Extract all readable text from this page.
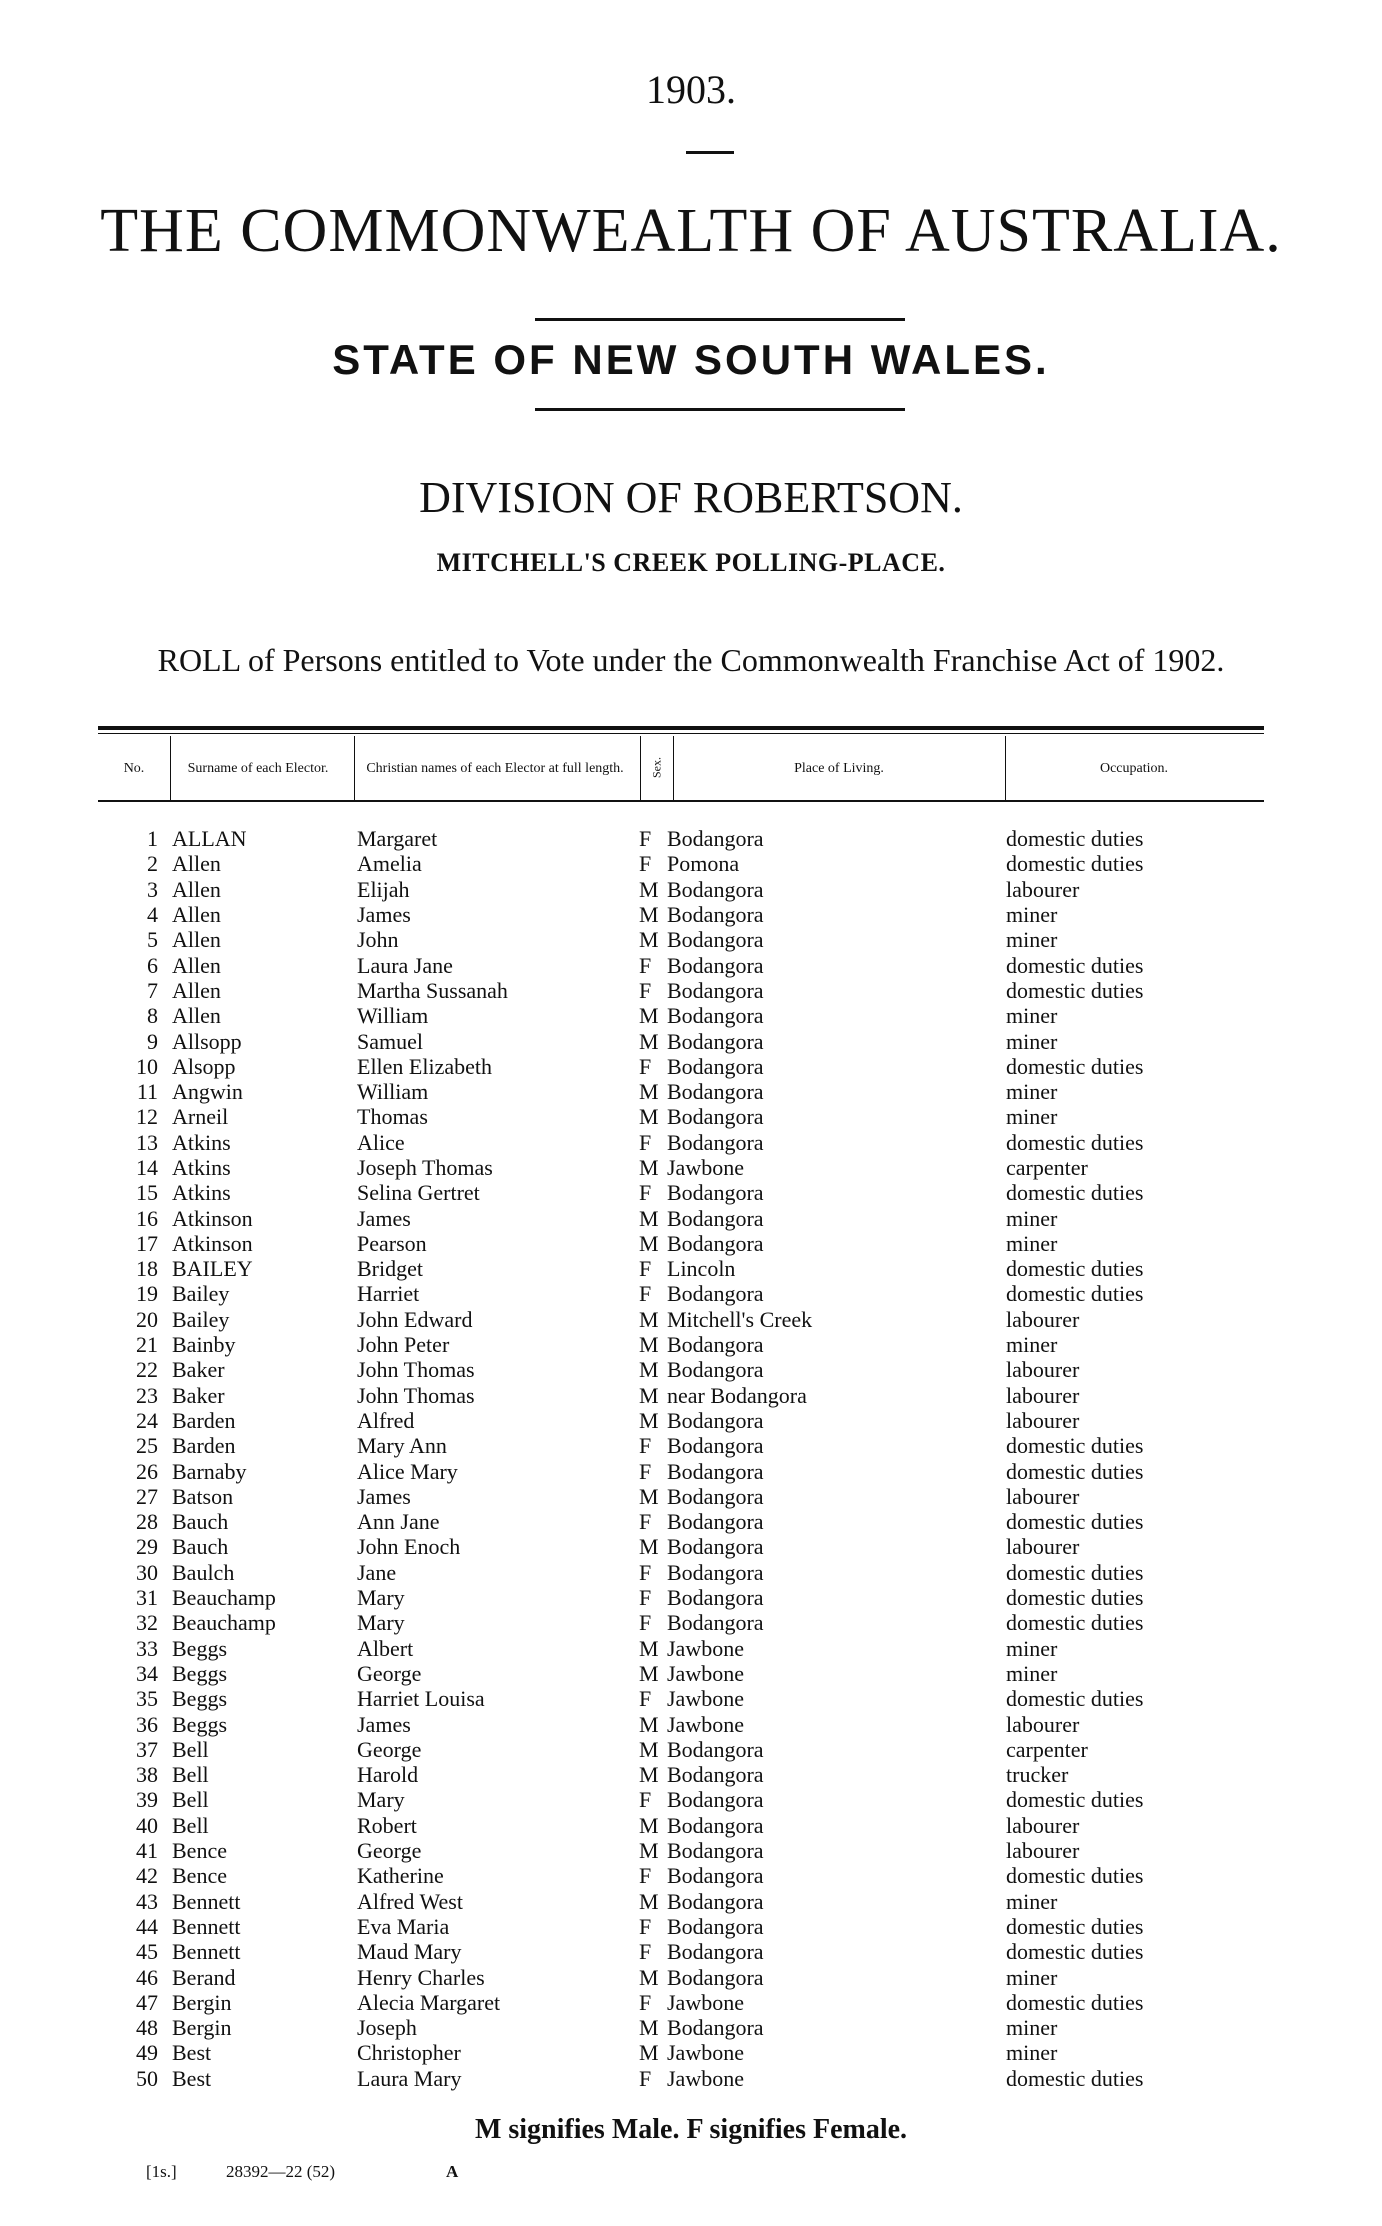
1903.
THE COMMONWEALTH OF AUSTRALIA.
STATE OF NEW SOUTH WALES.
DIVISION OF ROBERTSON.
MITCHELL'S CREEK POLLING-PLACE.
ROLL of Persons entitled to Vote under the Commonwealth Franchise Act of 1902.
No.	Surname of each Elector.	Christian names of each Elector at full length.	Sex.	Place of Living.	Occupation.
1	ALLAN	Margaret	F	Bodangora	domestic duties
2	Allen	Amelia	F	Pomona	domestic duties
3	Allen	Elijah	M	Bodangora	labourer
4	Allen	James	M	Bodangora	miner
5	Allen	John	M	Bodangora	miner
6	Allen	Laura Jane	F	Bodangora	domestic duties
7	Allen	Martha Sussanah	F	Bodangora	domestic duties
8	Allen	William	M	Bodangora	miner
9	Allsopp	Samuel	M	Bodangora	miner
10	Alsopp	Ellen Elizabeth	F	Bodangora	domestic duties
11	Angwin	William	M	Bodangora	miner
12	Arneil	Thomas	M	Bodangora	miner
13	Atkins	Alice	F	Bodangora	domestic duties
14	Atkins	Joseph Thomas	M	Jawbone	carpenter
15	Atkins	Selina Gertret	F	Bodangora	domestic duties
16	Atkinson	James	M	Bodangora	miner
17	Atkinson	Pearson	M	Bodangora	miner
18	BAILEY	Bridget	F	Lincoln	domestic duties
19	Bailey	Harriet	F	Bodangora	domestic duties
20	Bailey	John Edward	M	Mitchell's Creek	labourer
21	Bainby	John Peter	M	Bodangora	miner
22	Baker	John Thomas	M	Bodangora	labourer
23	Baker	John Thomas	M	near Bodangora	labourer
24	Barden	Alfred	M	Bodangora	labourer
25	Barden	Mary Ann	F	Bodangora	domestic duties
26	Barnaby	Alice Mary	F	Bodangora	domestic duties
27	Batson	James	M	Bodangora	labourer
28	Bauch	Ann Jane	F	Bodangora	domestic duties
29	Bauch	John Enoch	M	Bodangora	labourer
30	Baulch	Jane	F	Bodangora	domestic duties
31	Beauchamp	Mary	F	Bodangora	domestic duties
32	Beauchamp	Mary	F	Bodangora	domestic duties
33	Beggs	Albert	M	Jawbone	miner
34	Beggs	George	M	Jawbone	miner
35	Beggs	Harriet Louisa	F	Jawbone	domestic duties
36	Beggs	James	M	Jawbone	labourer
37	Bell	George	M	Bodangora	carpenter
38	Bell	Harold	M	Bodangora	trucker
39	Bell	Mary	F	Bodangora	domestic duties
40	Bell	Robert	M	Bodangora	labourer
41	Bence	George	M	Bodangora	labourer
42	Bence	Katherine	F	Bodangora	domestic duties
43	Bennett	Alfred West	M	Bodangora	miner
44	Bennett	Eva Maria	F	Bodangora	domestic duties
45	Bennett	Maud Mary	F	Bodangora	domestic duties
46	Berand	Henry Charles	M	Bodangora	miner
47	Bergin	Alecia Margaret	F	Jawbone	domestic duties
48	Bergin	Joseph	M	Bodangora	miner
49	Best	Christopher	M	Jawbone	miner
50	Best	Laura Mary	F	Jawbone	domestic duties
M signifies Male. F signifies Female.
[1s.]	28392—22 (52)	A
